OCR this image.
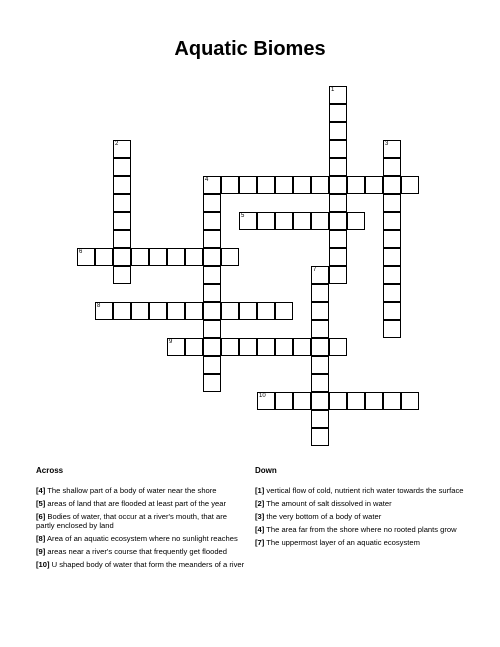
Aquatic Biomes
1
2	3
4
5
6
7
8
9
10
Across	Down
[4] The shallow part of a body of water near the shore
[5] areas of land that are flooded at least part of the year
[6] Bodies of water, that occur at a river's mouth, that are partly enclosed by land
[8] Area of an aquatic ecosystem where no sunlight reaches
[9] areas near a river's course that frequently get flooded
[10] U shaped body of water that form the meanders of a river
[1] vertical flow of cold, nutrient rich water towards the surface
[2] The amount of salt dissolved in water
[3] the very bottom of a body of water
[4] The area far from the shore where no rooted plants grow
[7] The uppermost layer of an aquatic ecosystem
